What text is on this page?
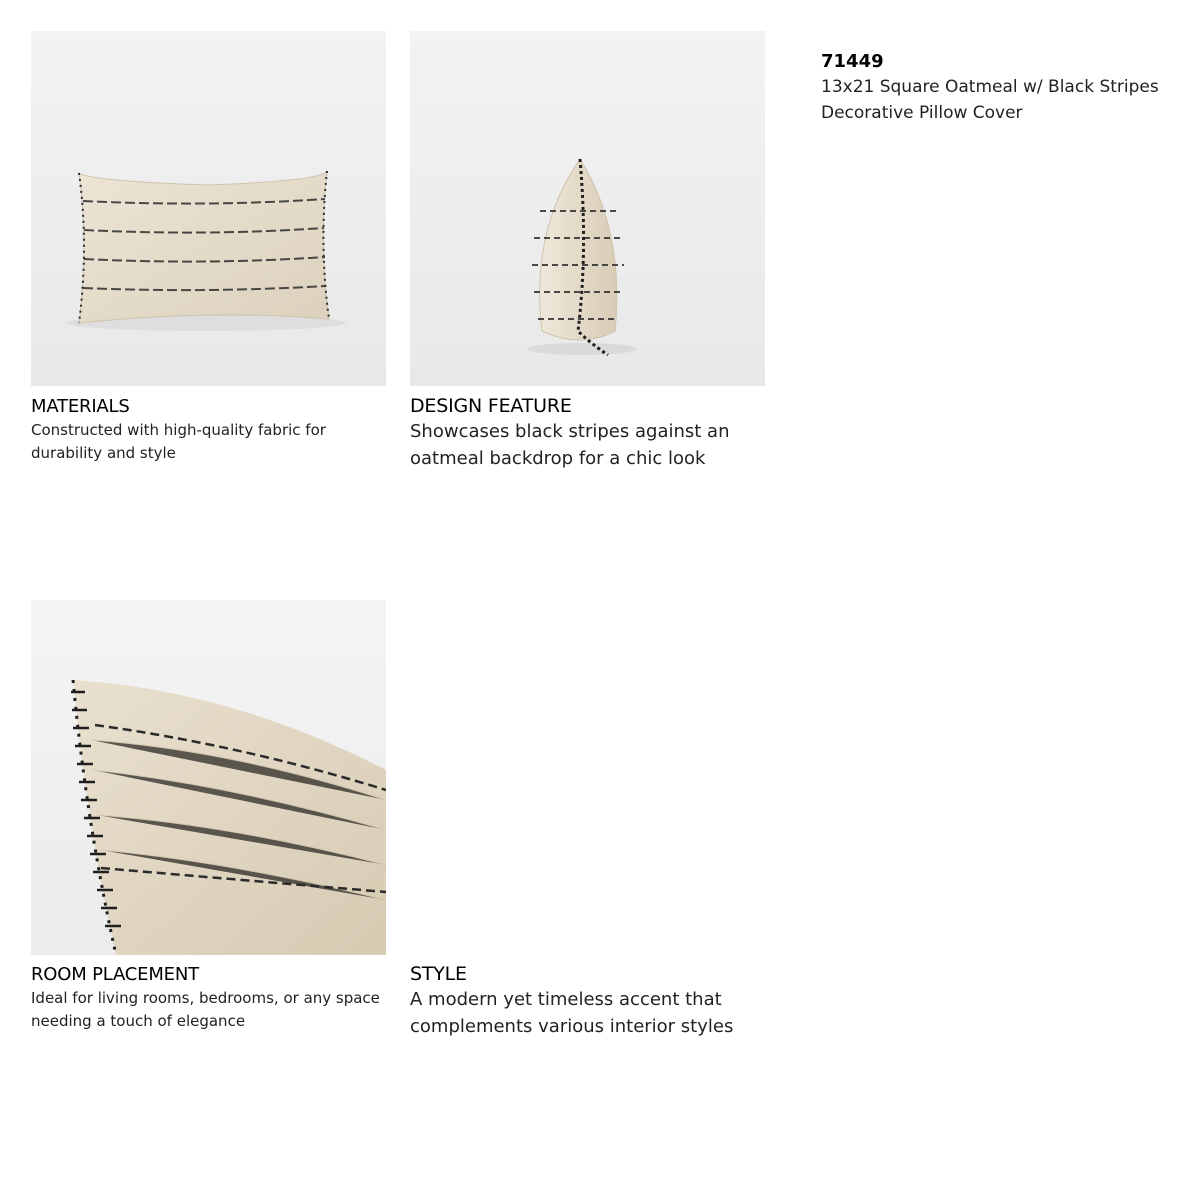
71449

13x21 Square Oatmeal w/ Black Stripes

Decorative Pillow Cover

MATERIALS

Constructed with high-quality fabric for

durability and style

DESIGN FEATURE

Showcases black stripes against an

oatmeal backdrop for a chic look

ROOM PLACEMENT

Ideal for living rooms, bedrooms, or any space

needing a touch of elegance

STYLE

A modern yet timeless accent that

complements various interior styles
